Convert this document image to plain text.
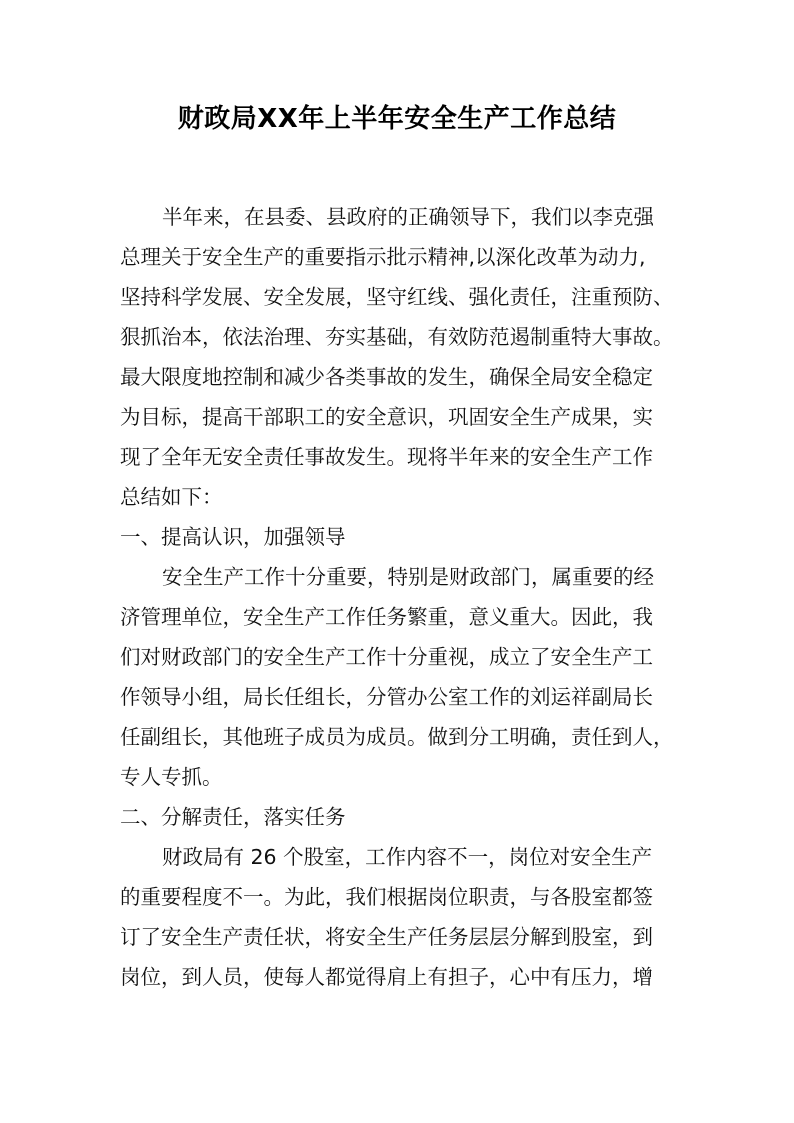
财政局XX年上半年安全生产工作总结
半年来，在县委、县政府的正确领导下，我们以李克强
总理关于安全生产的重要指示批示精神,以深化改革为动力,
坚持科学发展、安全发展，坚守红线、强化责任，注重预防、
狠抓治本，依法治理、夯实基础，有效防范遏制重特大事故。
最大限度地控制和减少各类事故的发生，确保全局安全稳定
为目标，提高干部职工的安全意识，巩固安全生产成果，实
现了全年无安全责任事故发生。现将半年来的安全生产工作
总结如下：
一、提高认识，加强领导
安全生产工作十分重要，特别是财政部门，属重要的经
济管理单位，安全生产工作任务繁重，意义重大。因此，我
们对财政部门的安全生产工作十分重视，成立了安全生产工
作领导小组，局长任组长，分管办公室工作的刘运祥副局长
任副组长，其他班子成员为成员。做到分工明确，责任到人，
专人专抓。
二、分解责任，落实任务
财政局有 26 个股室，工作内容不一，岗位对安全生产
的重要程度不一。为此，我们根据岗位职责，与各股室都签
订了安全生产责任状，将安全生产任务层层分解到股室，到
岗位，到人员，使每人都觉得肩上有担子，心中有压力，增
